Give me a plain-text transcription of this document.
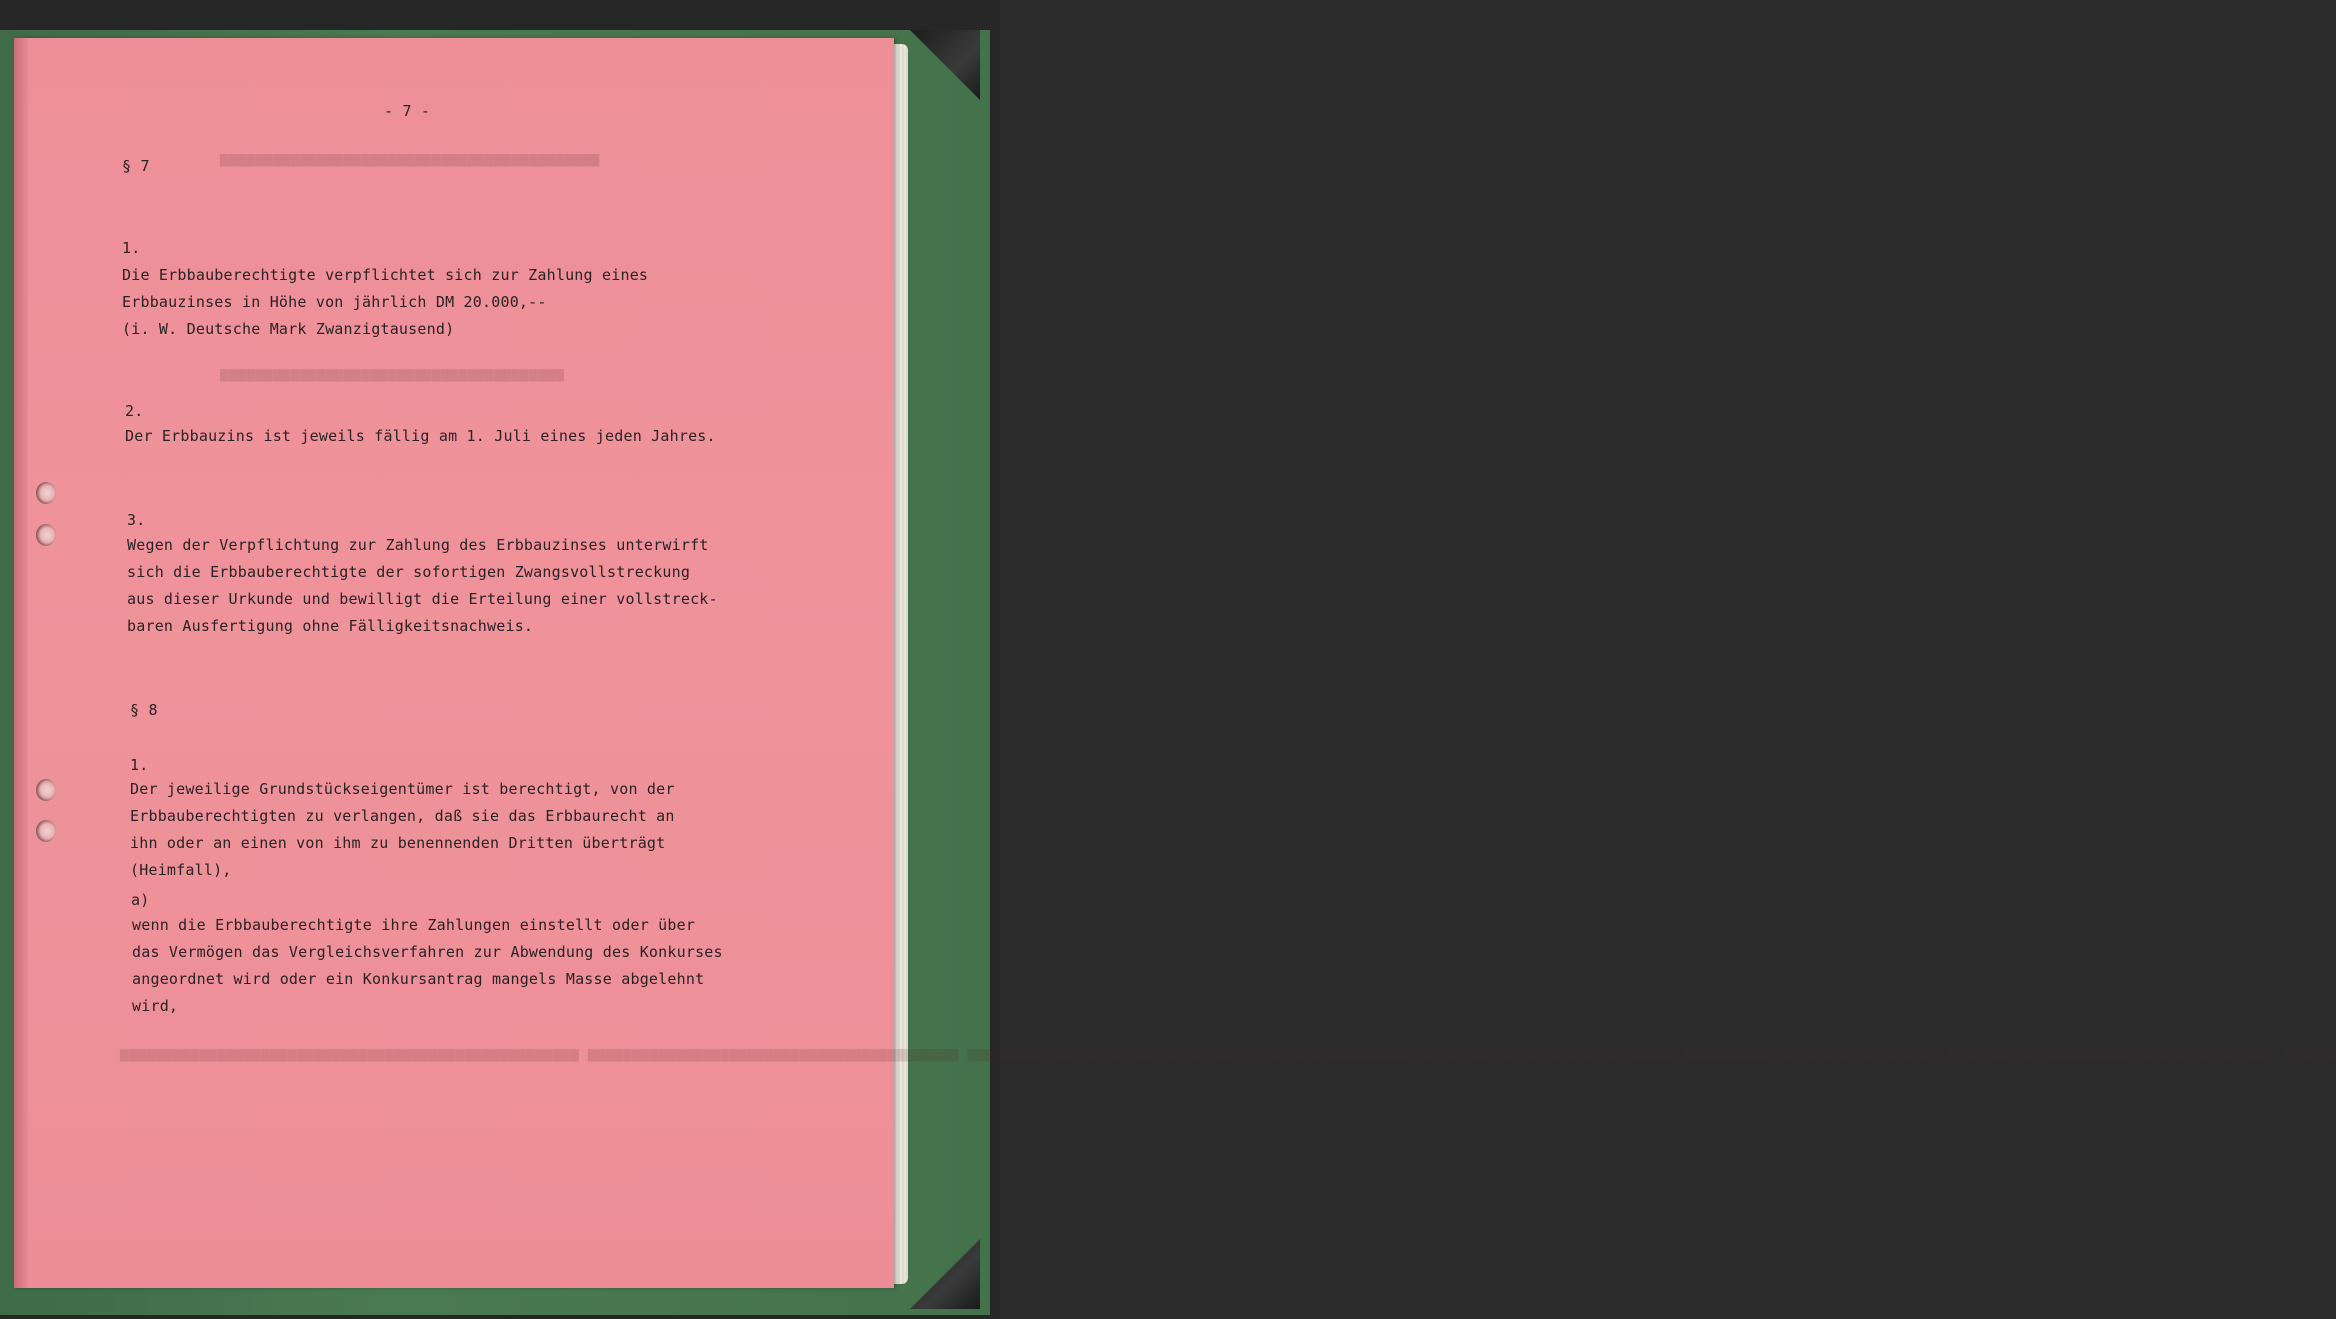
▆▆▆▆▆▆▆▆▆▆▆▆▆▆▆▆▆▆▆▆▆▆▆▆▆▆▆▆▆▆▆▆▆▆▆▆▆▆▆▆▆▆▆
▆▆▆▆▆▆▆▆▆▆▆▆▆▆▆▆▆▆▆▆▆▆▆▆▆▆▆▆▆▆▆▆▆▆▆▆▆▆▆
▆▆▆▆▆▆▆▆▆▆▆▆▆▆▆▆▆▆▆▆▆▆▆▆▆▆▆▆▆▆▆▆▆▆▆▆▆▆▆▆▆▆▆▆▆▆▆▆▆▆▆▆ ▆▆▆▆▆▆▆▆▆▆▆▆▆▆▆▆▆▆▆▆▆▆▆▆▆▆▆▆▆▆▆▆▆▆▆▆▆▆▆▆▆▆ ▆▆▆▆▆▆▆▆▆▆▆▆▆▆▆▆▆▆▆▆▆▆▆▆▆▆▆▆▆▆▆ ▆▆▆▆▆▆▆▆▆▆▆▆▆▆▆▆▆▆▆▆▆▆▆▆▆▆▆▆▆▆▆▆▆▆▆▆▆▆▆▆▆▆▆▆▆▆▆▆ ▆▆▆▆▆▆▆▆▆▆▆▆▆▆▆▆▆▆▆▆▆▆▆▆▆▆▆▆▆ ▆▆▆▆▆▆▆▆▆▆▆▆▆▆▆▆▆▆▆▆▆▆▆▆▆▆▆▆▆▆▆▆▆▆▆▆▆ ▆▆▆▆▆▆
- 7 -
§ 7
1.
Die Erbbauberechtigte verpflichtet sich zur Zahlung eines
Erbbauzinses in Höhe von jährlich DM 20.000,--
(i. W. Deutsche Mark Zwanzigtausend)
2.
Der Erbbauzins ist jeweils fällig am 1. Juli eines jeden Jahres.
3.
Wegen der Verpflichtung zur Zahlung des Erbbauzinses unterwirft
sich die Erbbauberechtigte der sofortigen Zwangsvollstreckung
aus dieser Urkunde und bewilligt die Erteilung einer vollstreck-
baren Ausfertigung ohne Fälligkeitsnachweis.
§ 8
1.
Der jeweilige Grundstückseigentümer ist berechtigt, von der
Erbbauberechtigten zu verlangen, daß sie das Erbbaurecht an
ihn oder an einen von ihm zu benennenden Dritten überträgt
(Heimfall),
a)
wenn die Erbbauberechtigte ihre Zahlungen einstellt oder über
das Vermögen das Vergleichsverfahren zur Abwendung des Konkurses
angeordnet wird oder ein Konkursantrag mangels Masse abgelehnt
wird,
